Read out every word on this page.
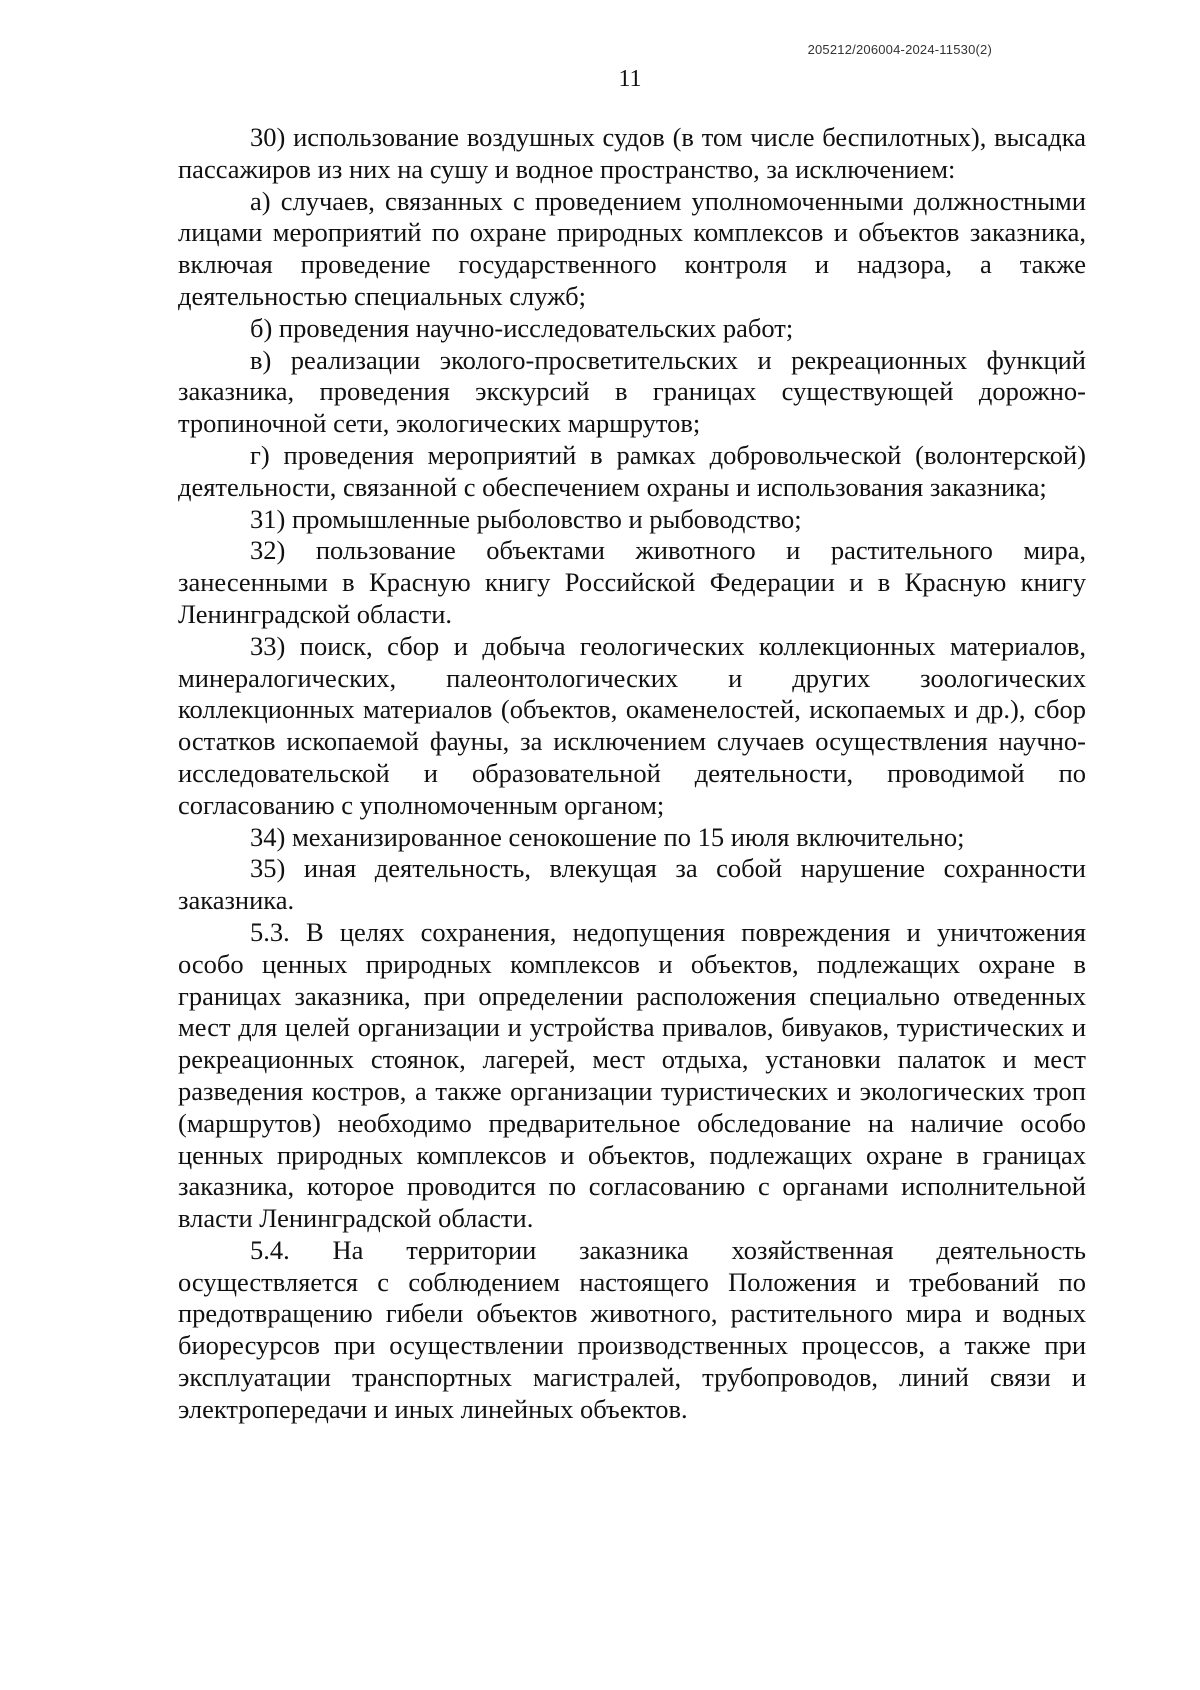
205212/206004-2024-11530(2)
11

30) использование воздушных судов (в том числе беспилотных), высадка пассажиров из них на сушу и водное пространство, за исключением:

а) случаев, связанных с проведением уполномоченными должностными лицами мероприятий по охране природных комплексов и объектов заказника, включая проведение государственного контроля и надзора, а также деятельностью специальных служб;

б) проведения научно-исследовательских работ;

в) реализации эколого-просветительских и рекреационных функций заказника, проведения экскурсий в границах существующей дорожно-тропиночной сети, экологических маршрутов;

г) проведения мероприятий в рамках добровольческой (волонтерской) деятельности, связанной с обеспечением охраны и использования заказника;

31) промышленные рыболовство и рыбоводство;

32) пользование объектами животного и растительного мира, занесенными в Красную книгу Российской Федерации и в Красную книгу Ленинградской области.

33) поиск, сбор и добыча геологических коллекционных материалов, минералогических, палеонтологических и других зоологических коллекционных материалов (объектов, окаменелостей, ископаемых и др.), сбор остатков ископаемой фауны, за исключением случаев осуществления научно-исследовательской и образовательной деятельности, проводимой по согласованию с уполномоченным органом;

34) механизированное сенокошение по 15 июля включительно;

35) иная деятельность, влекущая за собой нарушение сохранности заказника.

5.3. В целях сохранения, недопущения повреждения и уничтожения особо ценных природных комплексов и объектов, подлежащих охране в границах заказника, при определении расположения специально отведенных мест для целей организации и устройства привалов, бивуаков, туристических и рекреационных стоянок, лагерей, мест отдыха, установки палаток и мест разведения костров, а также организации туристических и экологических троп (маршрутов) необходимо предварительное обследование на наличие особо ценных природных комплексов и объектов, подлежащих охране в границах заказника, которое проводится по согласованию с органами исполнительной власти Ленинградской области.

5.4. На территории заказника хозяйственная деятельность осуществляется с соблюдением настоящего Положения и требований по предотвращению гибели объектов животного, растительного мира и водных биоресурсов при осуществлении производственных процессов, а также при эксплуатации транспортных магистралей, трубопроводов, линий связи и электропередачи и иных линейных объектов.
